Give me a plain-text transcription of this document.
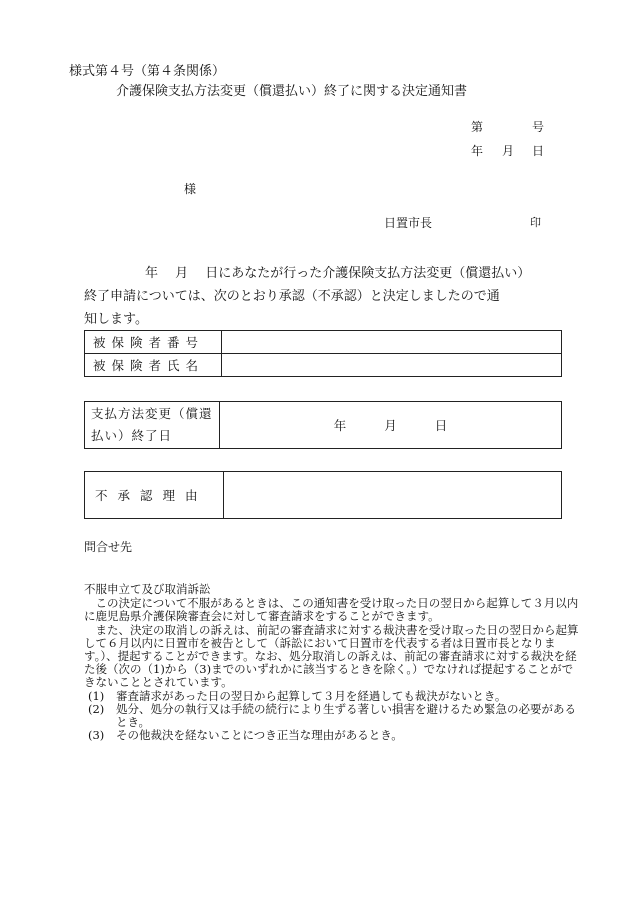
様式第４号（第４条関係）
介護保険支払方法変更（償還払い）終了に関する決定通知書
第	号
年 月 日
様
日置市長	印
年　 月　 日にあなたが行った介護保険支払方法変更（償還払い）
終了申請については、次のとおり承認（不承認）と決定しましたので通
知します。
被保険者番号	
被保険者氏名	
支払方法変更（償還払い）終了日	年	月	日
不承認理由	
問合せ先

不服申立て及び取消訴訟

この決定について不服があるときは、この通知書を受け取った日の翌日から起算して３月以内に鹿児島県介護保険審査会に対して審査請求をすることができます。

また、決定の取消しの訴えは、前記の審査請求に対する裁決書を受け取った日の翌日から起算して６月以内に日置市を被告として（訴訟において日置市を代表する者は日置市長となります。）、提起することができます。なお、処分取消しの訴えは、前記の審査請求に対する裁決を経た後（次の（1)から（3)までのいずれかに該当するときを除く。）でなければ提起することができないこととされています。

(1)	審査請求があった日の翌日から起算して３月を経過しても裁決がないとき。
(2)	処分、処分の執行又は手続の続行により生ずる著しい損害を避けるため緊急の必要があるとき。
(3)	その他裁決を経ないことにつき正当な理由があるとき。
